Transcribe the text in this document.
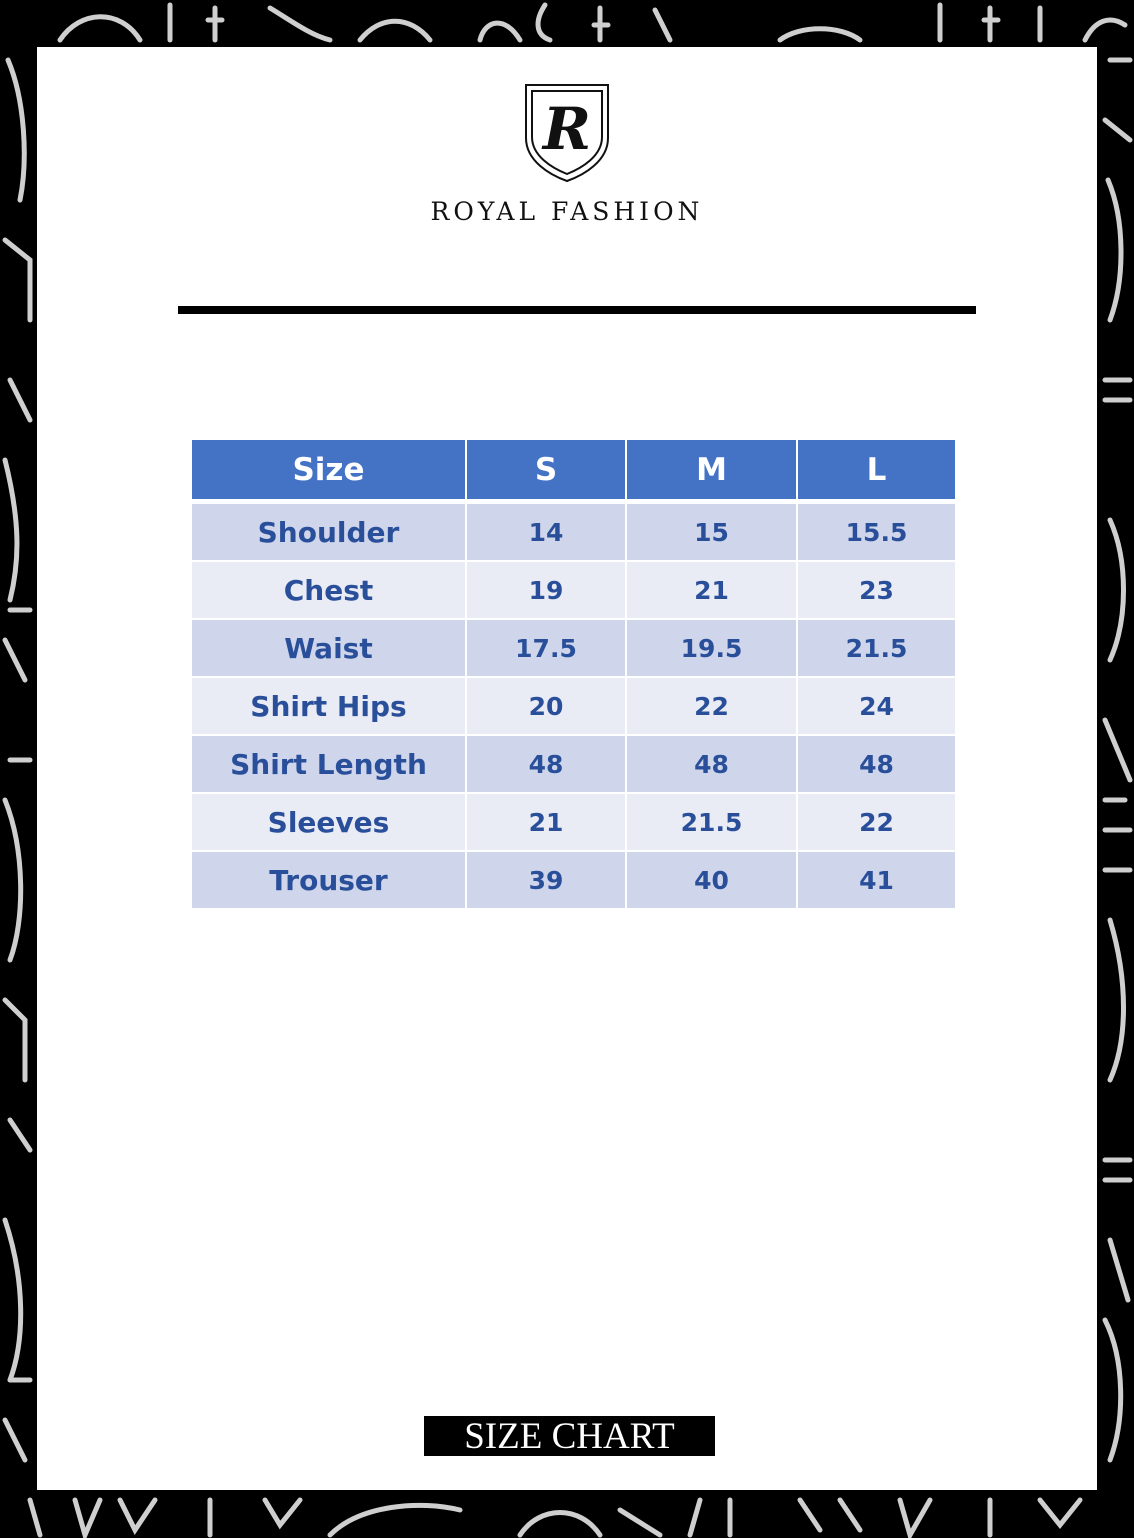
R
ROYAL FASHION
Size	S	M	L
Shoulder	14	15	15.5
Chest	19	21	23
Waist	17.5	19.5	21.5
Shirt Hips	20	22	24
Shirt Length	48	48	48
Sleeves	21	21.5	22
Trouser	39	40	41
SIZE CHART
